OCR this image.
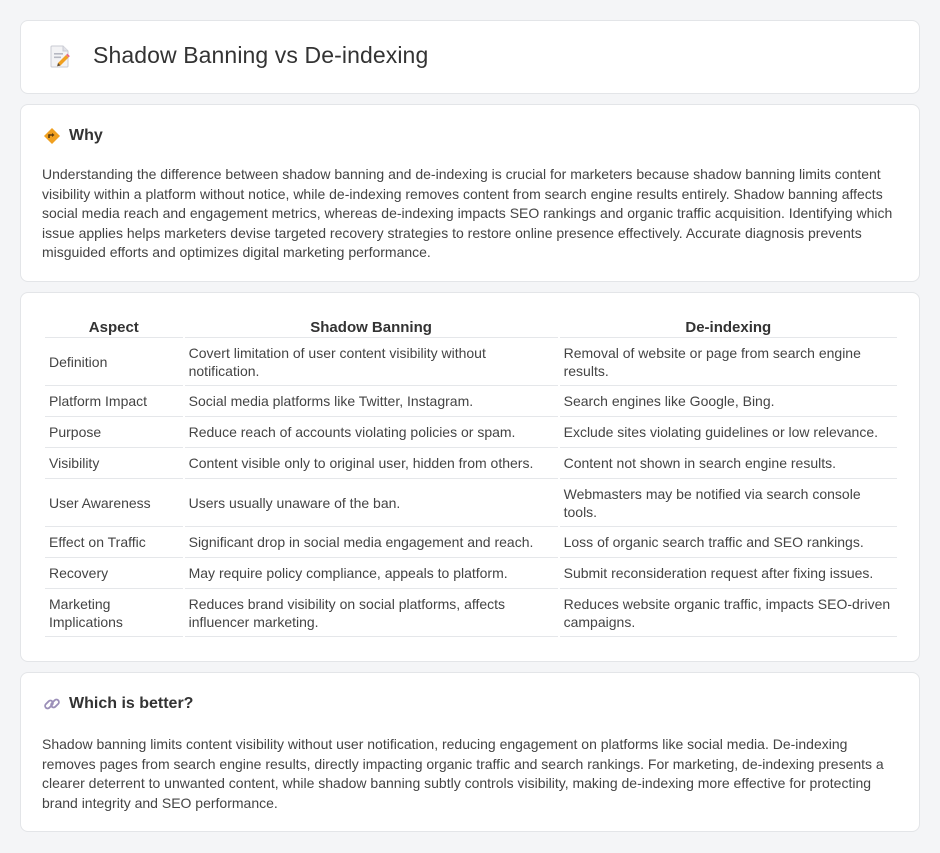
Shadow Banning vs De-indexing
Why

Understanding the difference between shadow banning and de-indexing is crucial for marketers because shadow banning limits content visibility within a platform without notice, while de-indexing removes content from search engine results entirely. Shadow banning affects social media reach and engagement metrics, whereas de-indexing impacts SEO rankings and organic traffic acquisition. Identifying which issue applies helps marketers devise targeted recovery strategies to restore online presence effectively. Accurate diagnosis prevents misguided efforts and optimizes digital marketing performance.

Aspect	Shadow Banning	De-indexing
Definition	Covert limitation of user content visibility without notification.	Removal of website or page from search engine results.
Platform Impact	Social media platforms like Twitter, Instagram.	Search engines like Google, Bing.
Purpose	Reduce reach of accounts violating policies or spam.	Exclude sites violating guidelines or low relevance.
Visibility	Content visible only to original user, hidden from others.	Content not shown in search engine results.
User Awareness	Users usually unaware of the ban.	Webmasters may be notified via search console tools.
Effect on Traffic	Significant drop in social media engagement and reach.	Loss of organic search traffic and SEO rankings.
Recovery	May require policy compliance, appeals to platform.	Submit reconsideration request after fixing issues.
Marketing Implications	Reduces brand visibility on social platforms, affects influencer marketing.	Reduces website organic traffic, impacts SEO-driven campaigns.
Which is better?

Shadow banning limits content visibility without user notification, reducing engagement on platforms like social media. De-indexing removes pages from search engine results, directly impacting organic traffic and search rankings. For marketing, de-indexing presents a clearer deterrent to unwanted content, while shadow banning subtly controls visibility, making de-indexing more effective for protecting brand integrity and SEO performance.
